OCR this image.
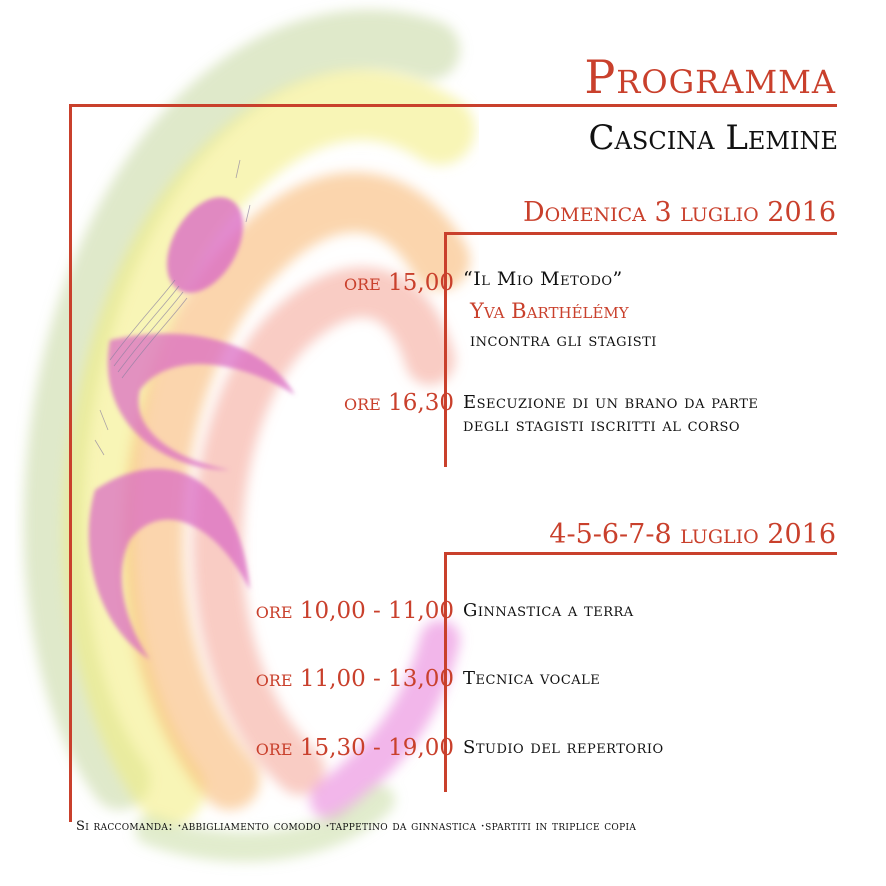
Programma
Cascina Lemine
Domenica 3 luglio 2016
ore 15,00 “Il Mio Metodo”
Yva Barthélémy
incontra gli stagisti
ore 16,30 Esecuzione di un brano da parte
degli stagisti iscritti al corso
4-5-6-7-8 luglio 2016
ore 10,00 - 11,00 Ginnastica a terra
ore 11,00 - 13,00 Tecnica vocale
ore 15,30 - 19,00 Studio del repertorio
Si raccomanda: ·abbigliamento comodo ·tappetino da ginnastica ·spartiti in triplice copia
